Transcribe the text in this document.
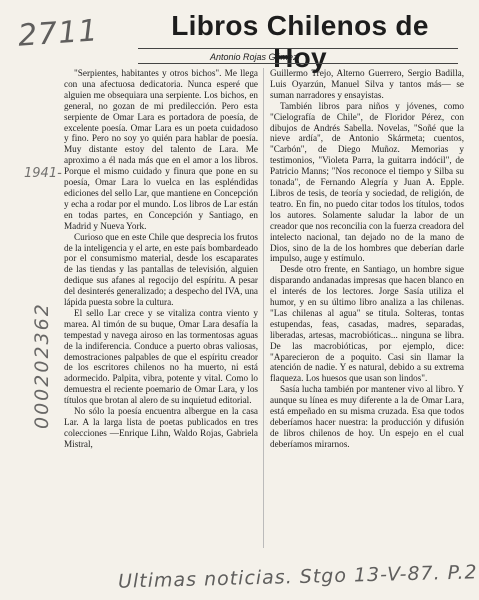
2711
000202362
1941-
Libros Chilenos de Hoy
Antonio Rojas Gómez

"Serpientes, habitantes y otros bichos". Me llega con una afectuosa dedicatoria. Nunca esperé que alguien me obsequiara una serpiente. Los bichos, en general, no gozan de mi predilección. Pero esta serpiente de Omar Lara es portadora de poesía, de excelente poesía. Omar Lara es un poeta cuidadoso y fino. Pero no soy yo quién para hablar de poesía. Muy distante estoy del talento de Lara. Me aproximo a él nada más que en el amor a los libros. Porque el mismo cuidado y finura que pone en su poesía, Omar Lara lo vuelca en las espléndidas ediciones del sello Lar, que mantiene en Concepción y echa a rodar por el mundo. Los libros de Lar están en todas partes, en Concepción y Santiago, en Madrid y Nueva York.

Curioso que en este Chile que desprecia los frutos de la inteligencia y el arte, en este país bombardeado por el consumismo material, desde los escaparates de las tiendas y las pantallas de televisión, alguien dedique sus afanes al regocijo del espíritu. A pesar del desinterés generalizado; a despecho del IVA, una lápida puesta sobre la cultura.

El sello Lar crece y se vitaliza contra viento y marea. Al timón de su buque, Omar Lara desafía la tempestad y navega airoso en las tormentosas aguas de la indiferencia. Conduce a puerto obras valiosas, demostraciones palpables de que el espíritu creador de los escritores chilenos no ha muerto, ni está adormecido. Palpita, vibra, potente y vital. Como lo demuestra el reciente poemario de Omar Lara, y los títulos que brotan al alero de su inquietud editorial.

No sólo la poesía encuentra albergue en la casa Lar. A la larga lista de poetas publicados en tres colecciones —Enrique Lihn, Waldo Rojas, Gabriela Mistral,

Guillermo Trejo, Alterno Guerrero, Sergio Badilla, Luis Oyarzún, Manuel Silva y tantos más— se suman narradores y ensayistas.

También libros para niños y jóvenes, como "Cielografía de Chile", de Floridor Pérez, con dibujos de Andrés Sabella. Novelas, "Soñé que la nieve ardía", de Antonio Skármeta; cuentos, "Carbón", de Diego Muñoz. Memorias y testimonios, "Violeta Parra, la guitarra indócil", de Patricio Manns; "Nos reconoce el tiempo y Silba su tonada", de Fernando Alegría y Juan A. Epple. Libros de tesis, de teoría y sociedad, de religión, de teatro. En fin, no puedo citar todos los títulos, todos los autores. Solamente saludar la labor de un creador que nos reconcilia con la fuerza creadora del intelecto nacional, tan dejado no de la mano de Dios, sino de la de los hombres que deberían darle impulso, auge y estímulo.

Desde otro frente, en Santiago, un hombre sigue disparando andanadas impresas que hacen blanco en el interés de los lectores. Jorge Sasía utiliza el humor, y en su último libro analiza a las chilenas. "Las chilenas al agua" se titula. Solteras, tontas estupendas, feas, casadas, madres, separadas, liberadas, artesas, macrobióticas... ninguna se libra. De las macrobióticas, por ejemplo, dice: "Aparecieron de a poquito. Casi sin llamar la atención de nadie. Y es natural, debido a su extrema flaqueza. Los huesos que usan son lindos".

Sasía lucha también por mantener vivo al libro. Y aunque su línea es muy diferente a la de Omar Lara, está empeñado en su misma cruzada. Esa que todos deberíamos hacer nuestra: la producción y difusión de libros chilenos de hoy. Un espejo en el cual deberíamos mirarnos.

Ultimas noticias. Stgo 13-V-87. P.2
